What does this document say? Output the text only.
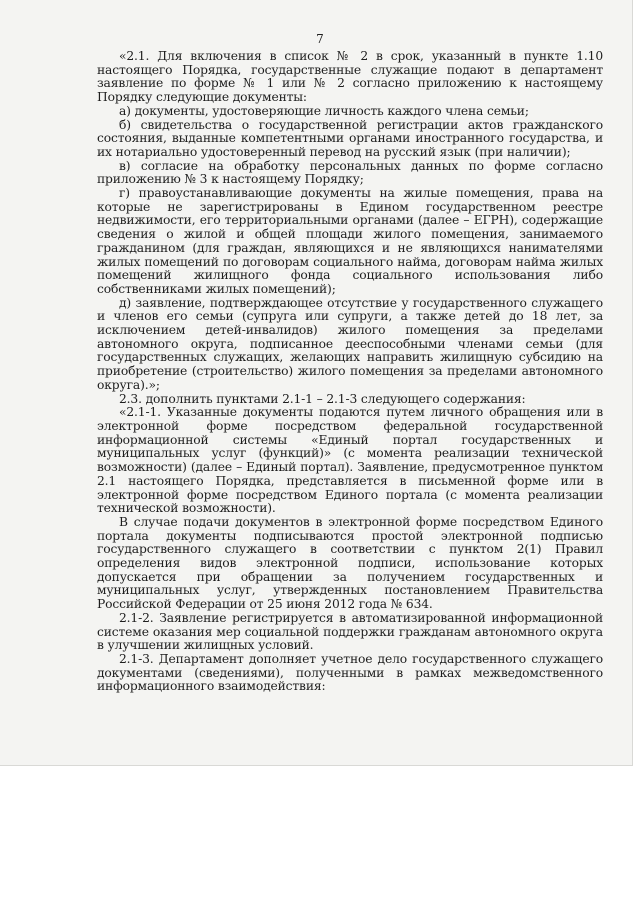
7

«2.1. Для включения в список № 2 в срок, указанный в пункте 1.10 настоящего Порядка, государственные служащие подают в департамент заявление по форме № 1 или № 2 согласно приложению к настоящему Порядку следующие документы:

а) документы, удостоверяющие личность каждого члена семьи;

б) свидетельства о государственной регистрации актов гражданского состояния, выданные компетентными органами иностранного государства, и их нотариально удостоверенный перевод на русский язык (при наличии);

в) согласие на обработку персональных данных по форме согласно приложению № 3 к настоящему Порядку;

г) правоустанавливающие документы на жилые помещения, права на которые не зарегистрированы в Едином государственном реестре недвижимости, его территориальными органами (далее – ЕГРН), содержащие сведения о жилой и общей площади жилого помещения, занимаемого гражданином (для граждан, являющихся и не являющихся нанимателями жилых помещений по договорам социального найма, договорам найма жилых помещений жилищного фонда социального использования либо собственниками жилых помещений);

д) заявление, подтверждающее отсутствие у государственного служащего и членов его семьи (супруга или супруги, а также детей до 18 лет, за исключением детей-инвалидов) жилого помещения за пределами автономного округа, подписанное дееспособными членами семьи (для государственных служащих, желающих направить жилищную субсидию на приобретение (строительство) жилого помещения за пределами автономного округа).»;

2.3. дополнить пунктами 2.1-1 – 2.1-3 следующего содержания:

«2.1-1. Указанные документы подаются путем личного обращения или в электронной форме посредством федеральной государственной информационной системы «Единый портал государственных и муниципальных услуг (функций)» (с момента реализации технической возможности) (далее – Единый портал). Заявление, предусмотренное пунктом 2.1 настоящего Порядка, представляется в письменной форме или в электронной форме посредством Единого портала (с момента реализации технической возможности).

В случае подачи документов в электронной форме посредством Единого портала документы подписываются простой электронной подписью государственного служащего в соответствии с пунктом 2(1) Правил определения видов электронной подписи, использование которых допускается при обращении за получением государственных и муниципальных услуг, утвержденных постановлением Правительства Российской Федерации от 25 июня 2012 года № 634.

2.1-2. Заявление регистрируется в автоматизированной информационной системе оказания мер социальной поддержки гражданам автономного округа в улучшении жилищных условий.

2.1-3. Департамент дополняет учетное дело государственного служащего документами (сведениями), полученными в рамках межведомственного информационного взаимодействия:
